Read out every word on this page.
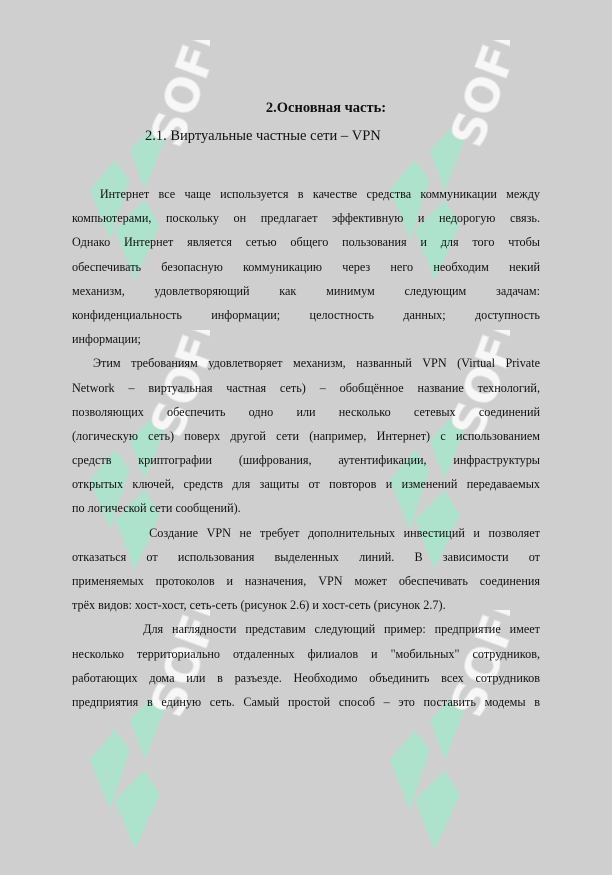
SOFF	SOFF
SOFF	SOFF
SOFF	SOFF
2.Основная часть:
2.1. Виртуальные частные сети – VPN
Интернет все чаще используется в качестве средства коммуникации между
компьютерами, поскольку он предлагает эффективную и недорогую связь.
Однако Интернет является сетью общего пользования и для того чтобы
обеспечивать безопасную коммуникацию через него необходим некий
механизм, удовлетворяющий как минимум следующим задачам:
конфиденциальность информации; целостность данных; доступность
информации;
Этим требованиям удовлетворяет механизм, названный VPN (Virtual Private
Network – виртуальная частная сеть) – обобщённое название технологий,
позволяющих обеспечить одно или несколько сетевых соединений
(логическую сеть) поверх другой сети (например, Интернет) с использованием
средств криптографии (шифрования, аутентификации, инфраструктуры
открытых ключей, средств для защиты от повторов и изменений передаваемых
по логической сети сообщений).
Создание VPN не требует дополнительных инвестиций и позволяет
отказаться от использования выделенных линий. В зависимости от
применяемых протоколов и назначения, VPN может обеспечивать соединения
трёх видов: хост-хост, сеть-сеть (рисунок 2.6) и хост-сеть (рисунок 2.7).
Для наглядности представим следующий пример: предприятие имеет
несколько территориально отдаленных филиалов и "мобильных" сотрудников,
работающих дома или в разъезде. Необходимо объединить всех сотрудников
предприятия в единую сеть. Самый простой способ – это поставить модемы в
